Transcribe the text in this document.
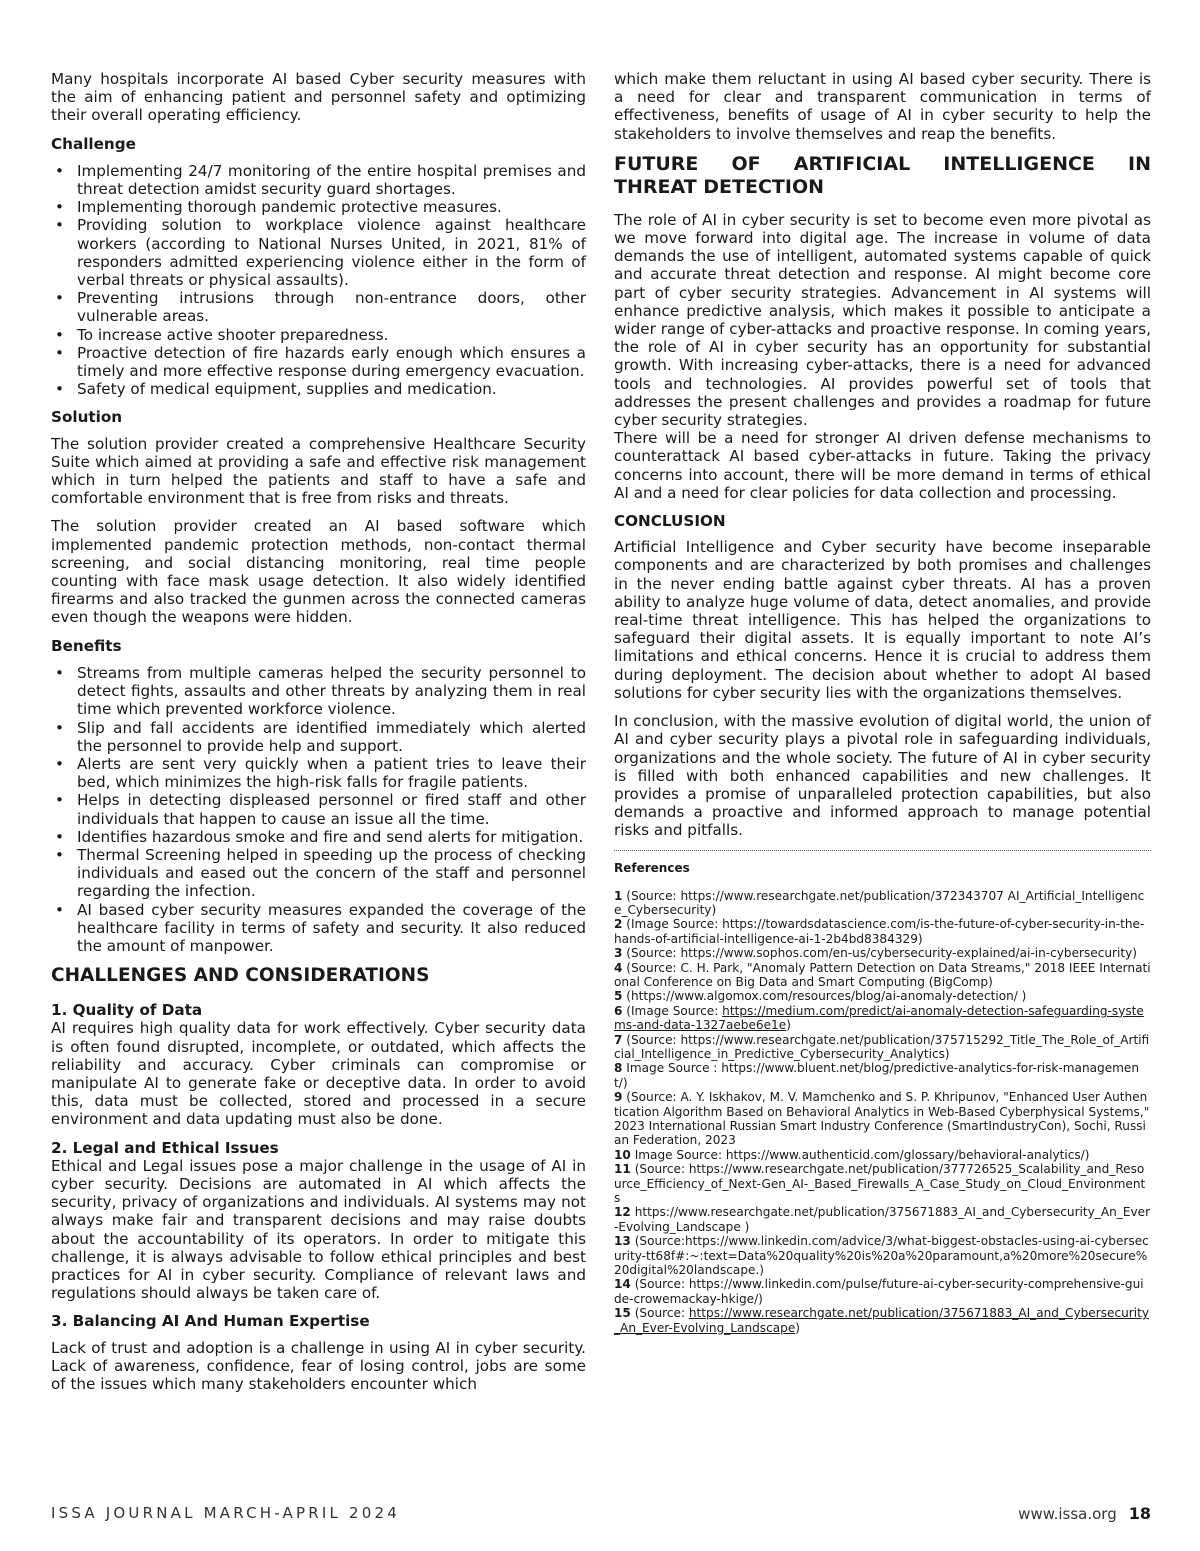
Many hospitals incorporate AI based Cyber security measures with the aim of enhancing patient and personnel safety and optimizing their overall operating efficiency.

Challenge
• Implementing 24/7 monitoring of the entire hospital premises and threat detection amidst security guard shortages.
• Implementing thorough pandemic protective measures.
• Providing solution to workplace violence against healthcare workers (according to National Nurses United, in 2021, 81% of responders admitted experiencing violence either in the form of verbal threats or physical assaults).
• Preventing intrusions through non-entrance doors, other vulnerable areas.
• To increase active shooter preparedness.
• Proactive detection of fire hazards early enough which ensures a timely and more effective response during emergency evacuation.
• Safety of medical equipment, supplies and medication.
Solution

The solution provider created a comprehensive Healthcare Security Suite which aimed at providing a safe and effective risk management which in turn helped the patients and staff to have a safe and comfortable environment that is free from risks and threats.

The solution provider created an AI based software which implemented pandemic protection methods, non-contact thermal screening, and social distancing monitoring, real time people counting with face mask usage detection. It also widely identified firearms and also tracked the gunmen across the connected cameras even though the weapons were hidden.

Benefits
• Streams from multiple cameras helped the security personnel to detect fights, assaults and other threats by analyzing them in real time which prevented workforce violence.
• Slip and fall accidents are identified immediately which alerted the personnel to provide help and support.
• Alerts are sent very quickly when a patient tries to leave their bed, which minimizes the high-risk falls for fragile patients.
• Helps in detecting displeased personnel or fired staff and other individuals that happen to cause an issue all the time.
• Identifies hazardous smoke and fire and send alerts for mitigation.
• Thermal Screening helped in speeding up the process of checking individuals and eased out the concern of the staff and personnel regarding the infection.
• AI based cyber security measures expanded the coverage of the healthcare facility in terms of safety and security. It also reduced the amount of manpower.
CHALLENGES AND CONSIDERATIONS
1. Quality of Data

AI requires high quality data for work effectively. Cyber security data is often found disrupted, incomplete, or outdated, which affects the reliability and accuracy. Cyber criminals can compromise or manipulate AI to generate fake or deceptive data. In order to avoid this, data must be collected, stored and processed in a secure environment and data updating must also be done.

2. Legal and Ethical Issues

Ethical and Legal issues pose a major challenge in the usage of AI in cyber security. Decisions are automated in AI which affects the security, privacy of organizations and individuals. AI systems may not always make fair and transparent decisions and may raise doubts about the accountability of its operators. In order to mitigate this challenge, it is always advisable to follow ethical principles and best practices for AI in cyber security. Compliance of relevant laws and regulations should always be taken care of.

3. Balancing AI And Human Expertise

Lack of trust and adoption is a challenge in using AI in cyber security. Lack of awareness, confidence, fear of losing control, jobs are some of the issues which many stakeholders encounter which

which make them reluctant in using AI based cyber security. There is a need for clear and transparent communication in terms of effectiveness, benefits of usage of AI in cyber security to help the stakeholders to involve themselves and reap the benefits.

FUTURE OF ARTIFICIAL INTELLIGENCE IN
THREAT DETECTION

The role of AI in cyber security is set to become even more pivotal as we move forward into digital age. The increase in volume of data demands the use of intelligent, automated systems capable of quick and accurate threat detection and response. AI might become core part of cyber security strategies. Advancement in AI systems will enhance predictive analysis, which makes it possible to anticipate a wider range of cyber-attacks and proactive response. In coming years, the role of AI in cyber security has an opportunity for substantial growth. With increasing cyber-attacks, there is a need for advanced tools and technologies. AI provides powerful set of tools that addresses the present challenges and provides a roadmap for future cyber security strategies.

There will be a need for stronger AI driven defense mechanisms to counterattack AI based cyber-attacks in future. Taking the privacy concerns into account, there will be more demand in terms of ethical AI and a need for clear policies for data collection and processing.

CONCLUSION

Artificial Intelligence and Cyber security have become inseparable components and are characterized by both promises and challenges in the never ending battle against cyber threats. AI has a proven ability to analyze huge volume of data, detect anomalies, and provide real-time threat intelligence. This has helped the organizations to safeguard their digital assets. It is equally important to note AI’s limitations and ethical concerns. Hence it is crucial to address them during deployment. The decision about whether to adopt AI based solutions for cyber security lies with the organizations themselves.

In conclusion, with the massive evolution of digital world, the union of AI and cyber security plays a pivotal role in safeguarding individuals, organizations and the whole society. The future of AI in cyber security is filled with both enhanced capabilities and new challenges. It provides a promise of unparalleled protection capabilities, but also demands a proactive and informed approach to manage potential risks and pitfalls.

References

1 (Source: https://www.researchgate.net/publication/372343707 AI_Artificial_Intelligence_Cybersecurity)

2 (Image Source: https://towardsdatascience.com/is-the-future-of-cyber-security-in-the-hands-of-artificial-intelligence-ai-1-2b4bd8384329)

3 (Source: https://www.sophos.com/en-us/cybersecurity-explained/ai-in-cybersecurity)

4 (Source: C. H. Park, "Anomaly Pattern Detection on Data Streams," 2018 IEEE International Conference on Big Data and Smart Computing (BigComp)

5 (https://www.algomox.com/resources/blog/ai-anomaly-detection/ )

6 (Image Source: https://medium.com/predict/ai-anomaly-detection-safeguarding-systems-and-data-1327aebe6e1e)

7 (Source: https://www.researchgate.net/publication/375715292_Title_The_Role_of_Artificial_Intelligence_in_Predictive_Cybersecurity_Analytics)

8 Image Source : https://www.bluent.net/blog/predictive-analytics-for-risk-management/)

9 (Source: A. Y. Iskhakov, M. V. Mamchenko and S. P. Khripunov, "Enhanced User Authentication Algorithm Based on Behavioral Analytics in Web-Based Cyberphysical Systems," 2023 International Russian Smart Industry Conference (SmartIndustryCon), Sochi, Russian Federation, 2023

10 Image Source: https://www.authenticid.com/glossary/behavioral-analytics/)

11 (Source: https://www.researchgate.net/publication/377726525_Scalability_and_Resource_Efficiency_of_Next-Gen_AI-_Based_Firewalls_A_Case_Study_on_Cloud_Environments

12 https://www.researchgate.net/publication/375671883_AI_and_Cybersecurity_An_Ever-Evolving_Landscape )

13 (Source:https://www.linkedin.com/advice/3/what-biggest-obstacles-using-ai-cybersecurity-tt68f#:~:text=Data%20quality%20is%20a%20paramount,a%20more%20secure%20digital%20landscape.)

14 (Source: https://www.linkedin.com/pulse/future-ai-cyber-security-comprehensive-guide-crowemackay-hkige/)

15 (Source: https://www.researchgate.net/publication/375671883_AI_and_Cybersecurity_An_Ever-Evolving_Landscape)

ISSA JOURNAL MARCH-APRIL 2024	www.issa.org 18
